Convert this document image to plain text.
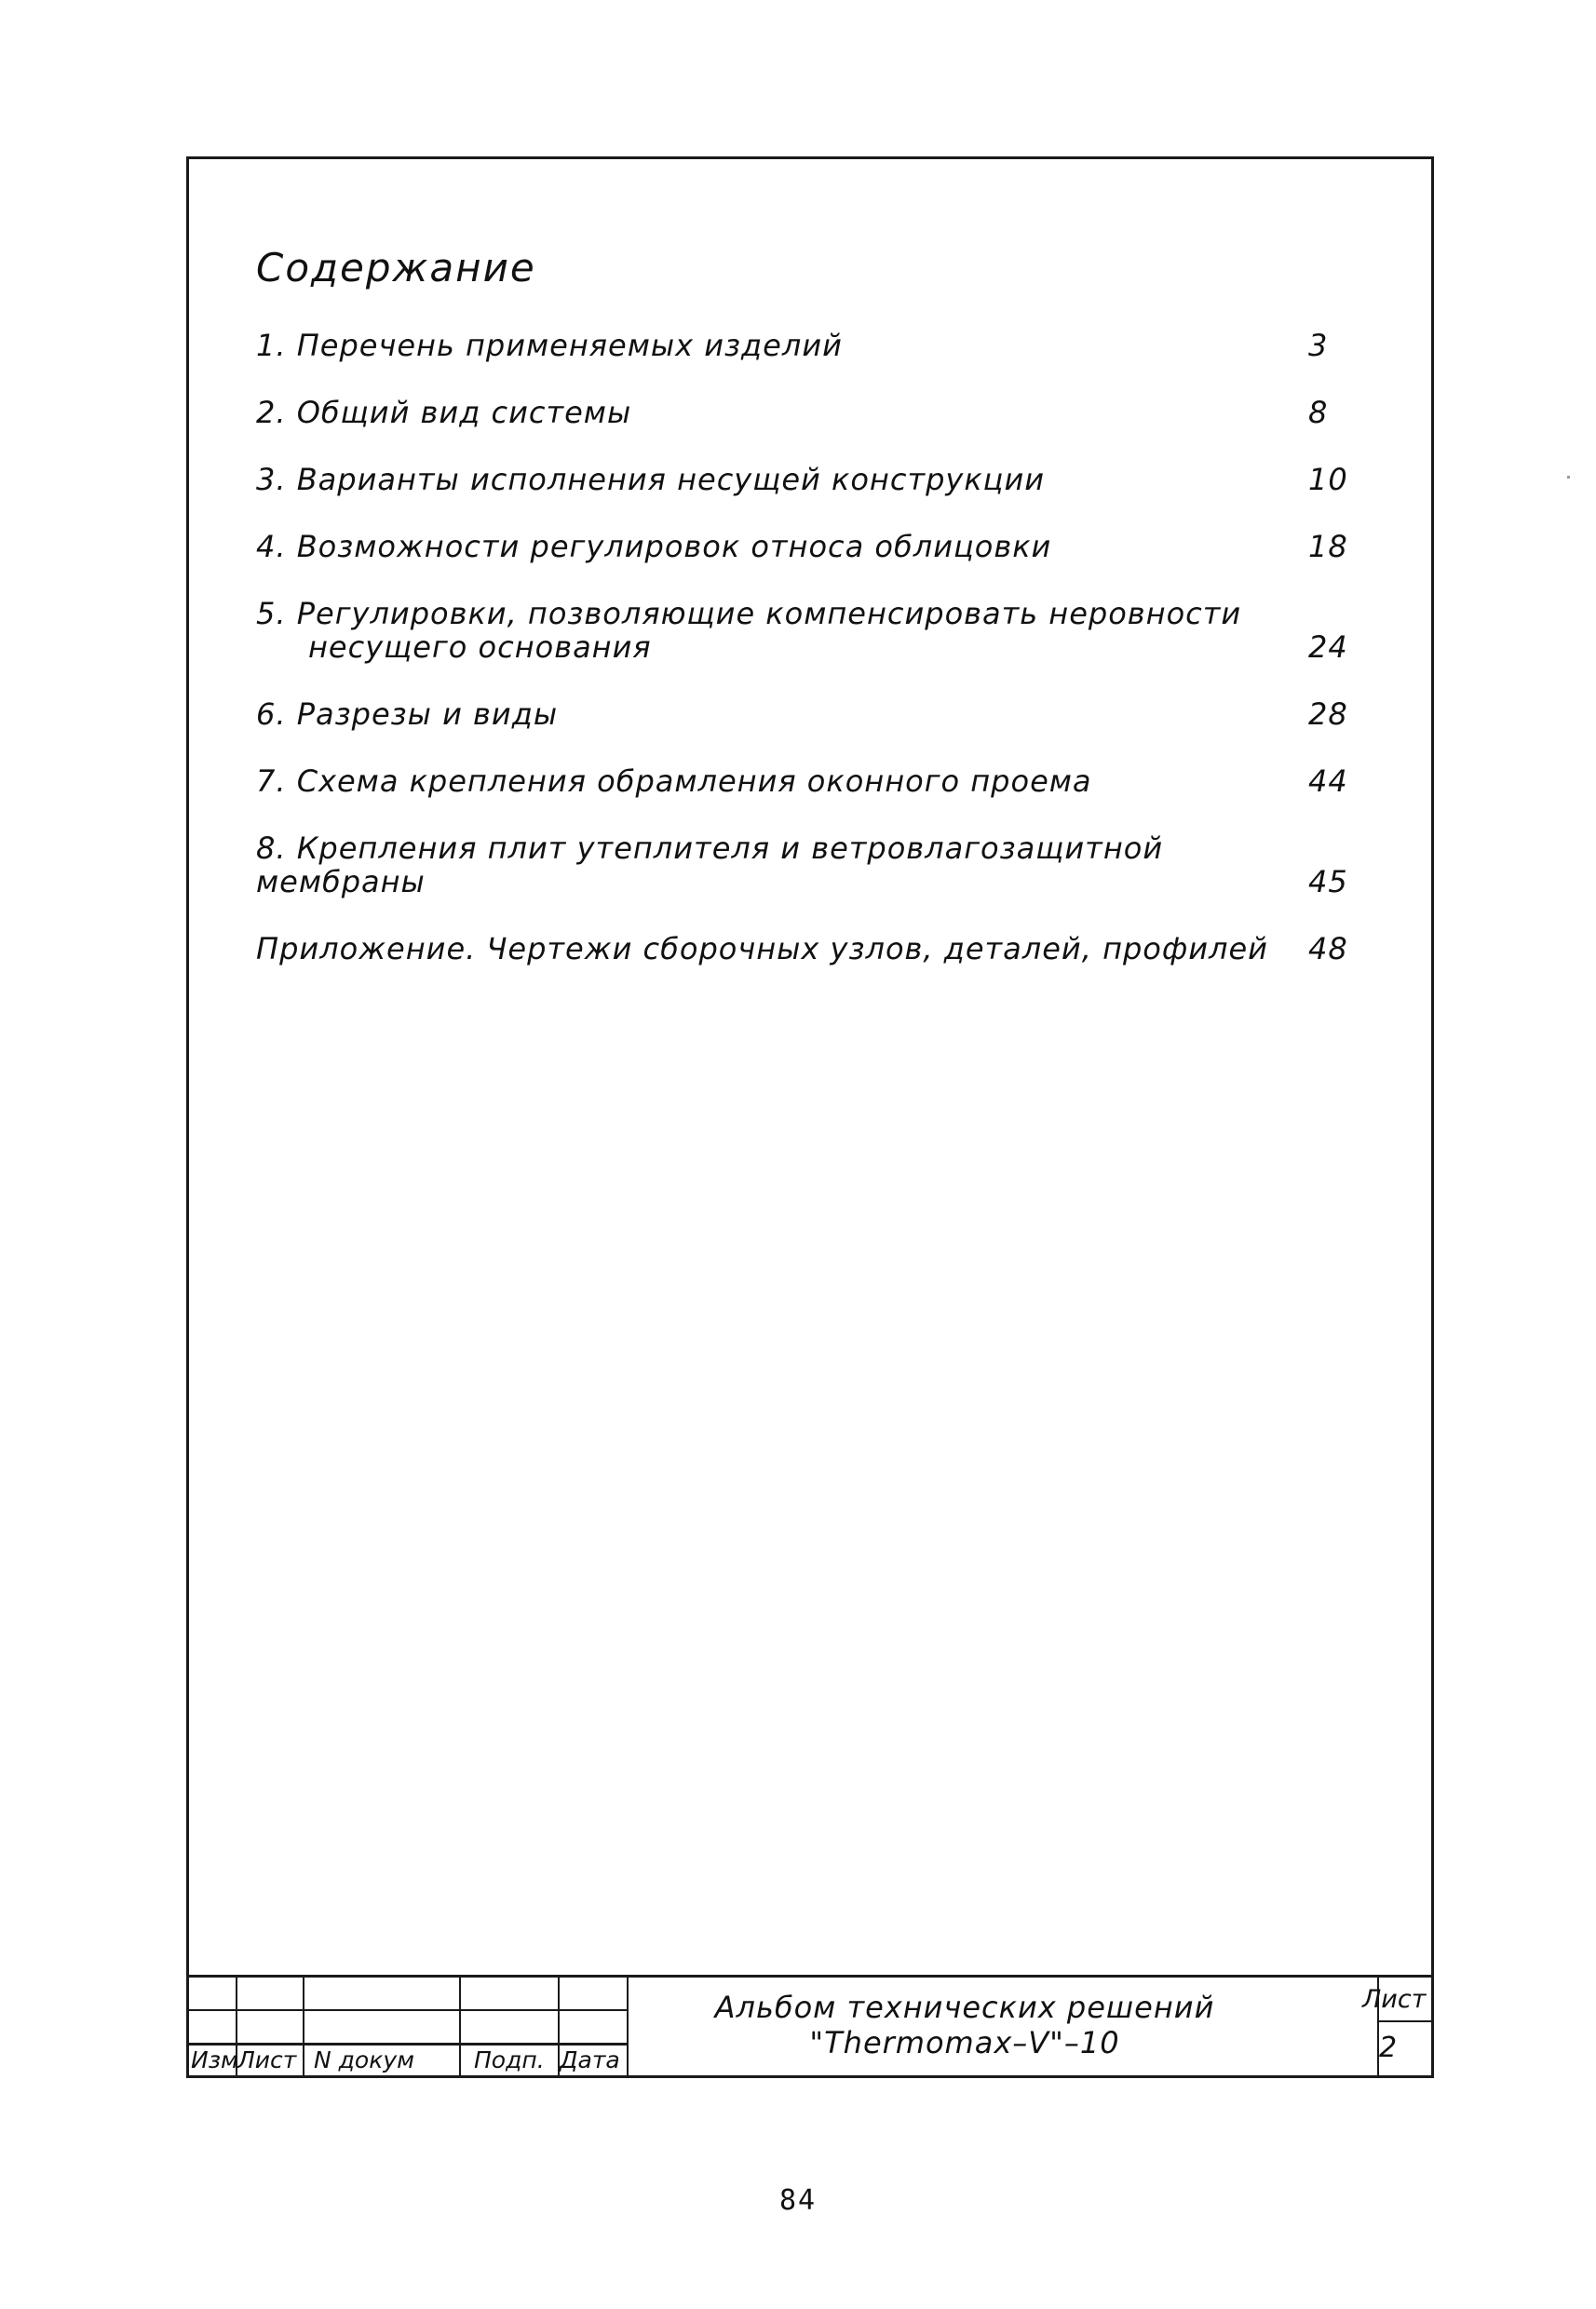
Содержание
1. Перечень применяемых изделий	3
2. Общий вид системы	8
3. Варианты исполнения несущей конструкции	10
4. Возможности регулировок относа облицовки	18
5. Регулировки, позволяющие компенсировать неровности
несущего основания	24
6. Разрезы и виды	28
7. Схема крепления обрамления оконного проема	44
8. Крепления плит утеплителя и ветровлагозащитной
мембраны	45
Приложение. Чертежи сборочных узлов, деталей, профилей 48
Изм Лист N докум	Подп. Дата
Альбом технических решений
"Thermomax–V"–10
Лист
2
84
